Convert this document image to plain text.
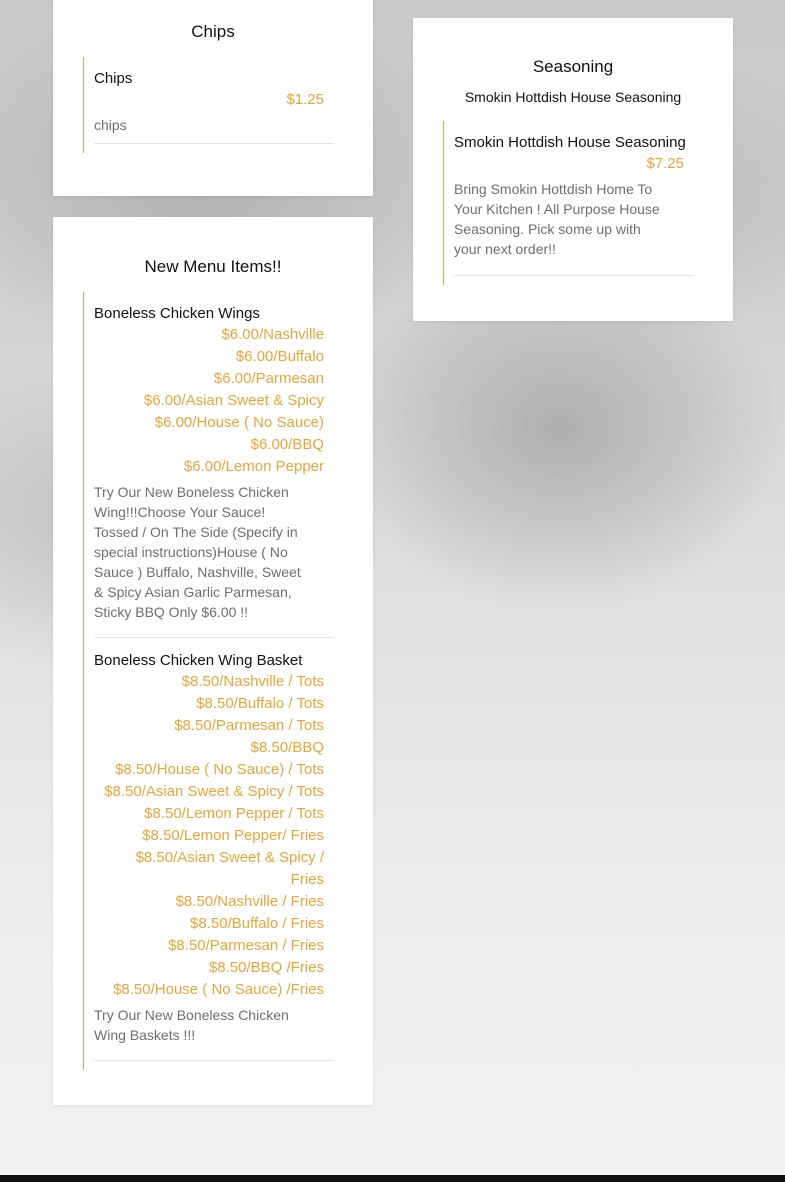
Chips
Chips
$1.25
chips
Seasoning
Smokin Hottdish House Seasoning
Smokin Hottdish House Seasoning
$7.25
Bring Smokin Hottdish Home To Your Kitchen ! All Purpose House Seasoning. Pick some up with your next order!!
New Menu Items!!
Boneless Chicken Wings
$6.00/Nashville
$6.00/Buffalo
$6.00/Parmesan
$6.00/Asian Sweet & Spicy
$6.00/House ( No Sauce)
$6.00/BBQ
$6.00/Lemon Pepper
Try Our New Boneless Chicken Wing!!!Choose Your Sauce! Tossed / On The Side (Specify in special instructions)House ( No Sauce ) Buffalo, Nashville, Sweet & Spicy Asian Garlic Parmesan, Sticky BBQ Only $6.00 !!
Boneless Chicken Wing Basket
$8.50/Nashville / Tots
$8.50/Buffalo / Tots
$8.50/Parmesan / Tots
$8.50/BBQ
$8.50/House ( No Sauce) / Tots
$8.50/Asian Sweet & Spicy / Tots
$8.50/Lemon Pepper / Tots
$8.50/Lemon Pepper/ Fries
$8.50/Asian Sweet & Spicy / Fries
$8.50/Nashville / Fries
$8.50/Buffalo / Fries
$8.50/Parmesan / Fries
$8.50/BBQ /Fries
$8.50/House ( No Sauce) /Fries
Try Our New Boneless Chicken Wing Baskets !!!
